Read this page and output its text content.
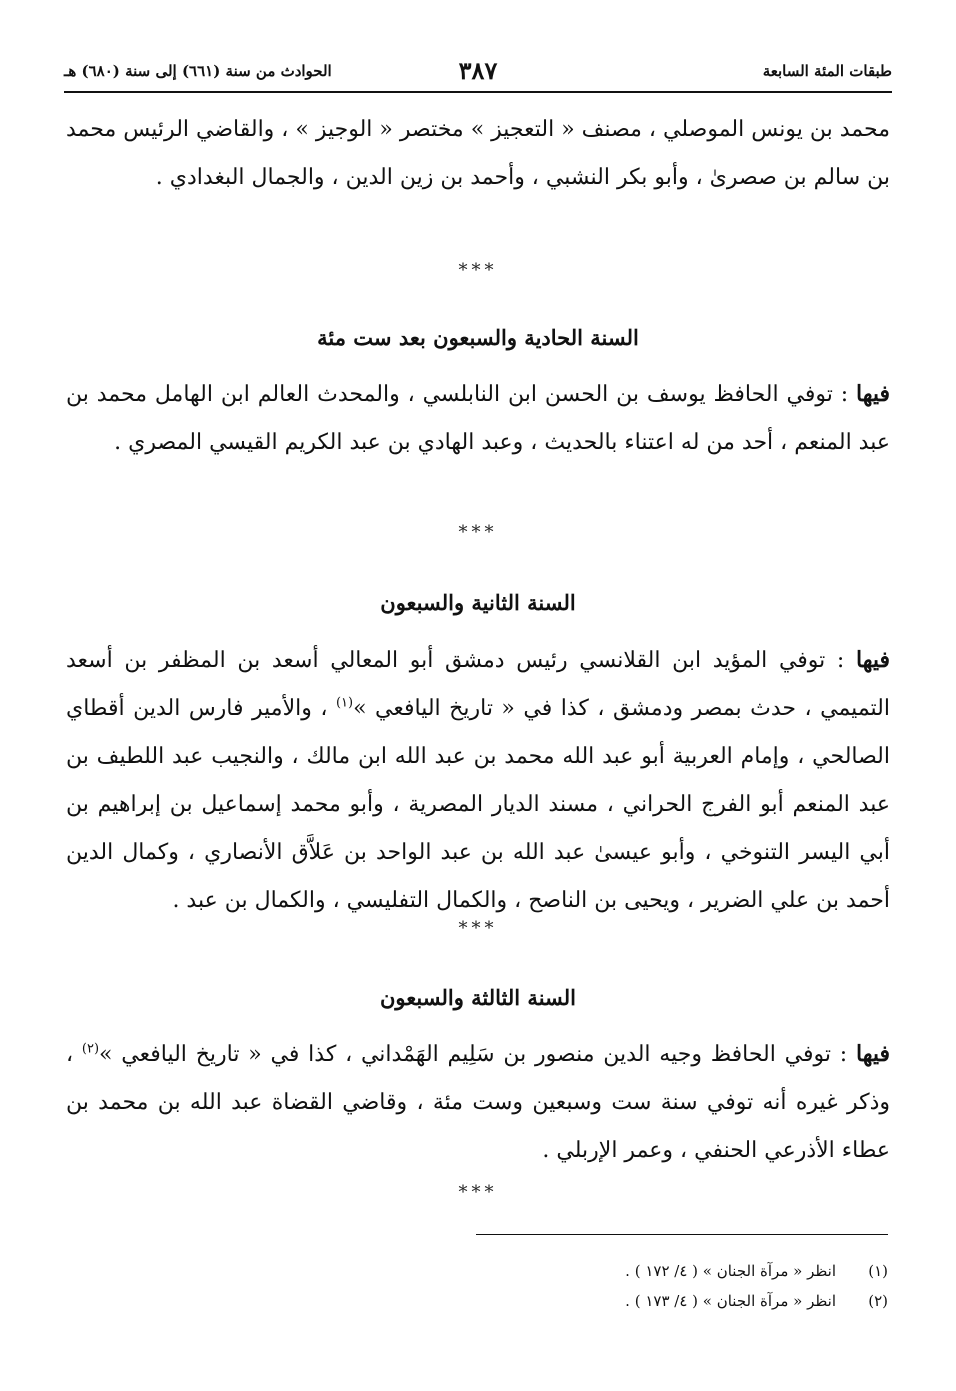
طبقات المئة السابعة
٣٨٧
الحوادث من سنة (٦٦١) إلى سنة (٦٨٠) هـ
محمد بن يونس الموصلي ، مصنف « التعجيز » مختصر « الوجيز » ، والقاضي الرئيس محمد بن سالم بن صصرىٰ ، وأبو بكر النشبي ، وأحمد بن زين الدين ، والجمال البغدادي .
***
السنة الحادية والسبعون بعد ست مئة
فيها : توفي الحافظ يوسف بن الحسن ابن النابلسي ، والمحدث العالم ابن الهامل محمد بن عبد المنعم ، أحد من له اعتناء بالحديث ، وعبد الهادي بن عبد الكريم القيسي المصري .
***
السنة الثانية والسبعون
فيها : توفي المؤيد ابن القلانسي رئيس دمشق أبو المعالي أسعد بن المظفر بن أسعد التميمي ، حدث بمصر ودمشق ، كذا في « تاريخ اليافعي »$^{(١)}$ ، والأمير فارس الدين أقطاي الصالحي ، وإمام العربية أبو عبد الله محمد بن عبد الله ابن مالك ، والنجيب عبد اللطيف بن عبد المنعم أبو الفرج الحراني ، مسند الديار المصرية ، وأبو محمد إسماعيل بن إبراهيم بن أبي اليسر التنوخي ، وأبو عيسىٰ عبد الله بن عبد الواحد بن عَلاَّق الأنصاري ، وكمال الدين أحمد بن علي الضرير ، ويحيى بن الناصح ، والكمال التفليسي ، والكمال بن عبد .
***
السنة الثالثة والسبعون
فيها : توفي الحافظ وجيه الدين منصور بن سَلِيم الهَمْداني ، كذا في « تاريخ اليافعي »$^{(٢)}$ ، وذكر غيره أنه توفي سنة ست وسبعين وست مئة ، وقاضي القضاة عبد الله بن محمد بن عطاء الأذرعي الحنفي ، وعمر الإربلي .
***
(١)انظر « مرآة الجنان » ( ٤/ ١٧٢ ) .
(٢)انظر « مرآة الجنان » ( ٤/ ١٧٣ ) .
